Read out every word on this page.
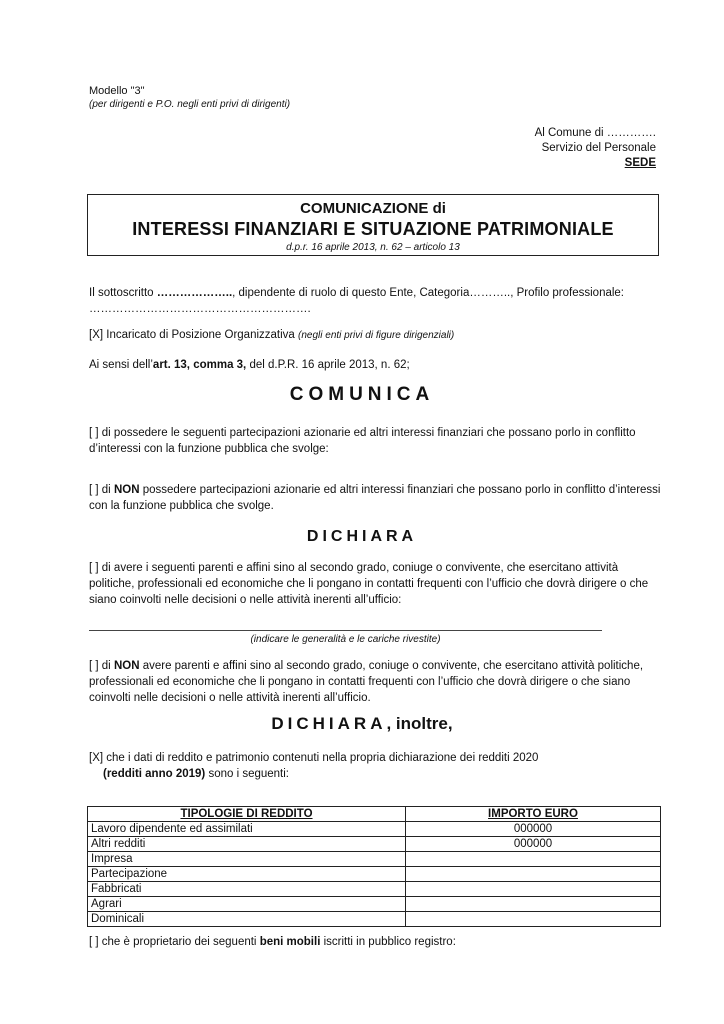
Modello "3"
(per dirigenti e P.O. negli enti privi di dirigenti)
Al Comune di ………….
Servizio del Personale
SEDE
COMUNICAZIONE di
INTERESSI FINANZIARI E SITUAZIONE PATRIMONIALE
d.p.r. 16 aprile 2013, n. 62 – articolo 13
Il sottoscritto ……………….., dipendente di ruolo di questo Ente, Categoria……….., Profilo professionale:
………………………………………………….
[X] Incaricato di Posizione Organizzativa (negli enti privi di figure dirigenziali)
Ai sensi dell’art. 13, comma 3, del d.P.R. 16 aprile 2013, n. 62;
COMUNICA
[ ] di possedere le seguenti partecipazioni azionarie ed altri interessi finanziari che possano porlo in conflitto d’interessi con la funzione pubblica che svolge:
[ ] di NON possedere partecipazioni azionarie ed altri interessi finanziari che possano porlo in conflitto d’interessi con la funzione pubblica che svolge.
DICHIARA
[ ] di avere i seguenti parenti e affini sino al secondo grado, coniuge o convivente, che esercitano attività politiche, professionali ed economiche che li pongano in contatti frequenti con l’ufficio che dovrà dirigere o che siano coinvolti nelle decisioni o nelle attività inerenti all’ufficio:
(indicare le generalità e le cariche rivestite)
[ ] di NON avere parenti e affini sino al secondo grado, coniuge o convivente, che esercitano attività politiche, professionali ed economiche che li pongano in contatti frequenti con l’ufficio che dovrà dirigere o che siano coinvolti nelle decisioni o nelle attività inerenti all’ufficio.
DICHIARA, inoltre,
[X] che i dati di reddito e patrimonio contenuti nella propria dichiarazione dei redditi 2020
(redditi anno 2019) sono i seguenti:
TIPOLOGIE DI REDDITO	IMPORTO EURO
Lavoro dipendente ed assimilati	000000
Altri redditi	000000
Impresa	
Partecipazione	
Fabbricati	
Agrari	
Dominicali	
[ ] che è proprietario dei seguenti beni mobili iscritti in pubblico registro:
